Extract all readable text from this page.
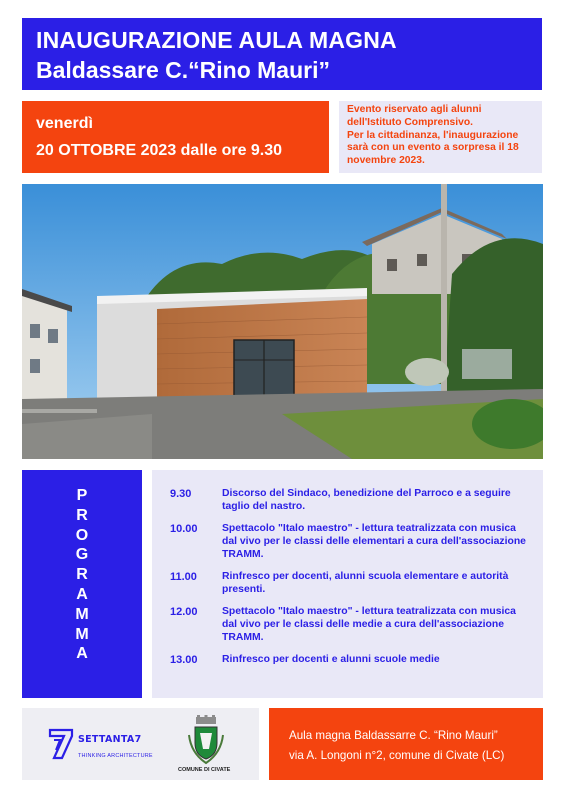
INAUGURAZIONE AULA MAGNA
Baldassare C.“Rino Mauri”
venerdì
20 OTTOBRE 2023 dalle ore 9.30

Evento riservato agli alunni dell'Istituto Comprensivo.

Per la cittadinanza, l'inaugurazione sarà con un evento a sorpresa il 18 novembre 2023.

P
R
O
G
R
A
M
M
A
9.30	Discorso del Sindaco, benedizione del Parroco e a seguire taglio del nastro.
10.00	Spettacolo "Italo maestro" - lettura teatralizzata con musica dal vivo per le classi delle elementari a cura dell'associazione TRAMM.
11.00	Rinfresco per docenti, alunni scuola elementare e autorità presenti.
12.00	Spettacolo "Italo maestro" - lettura teatralizzata con musica dal vivo per le classi delle medie a cura dell'associazione TRAMM.
13.00	Rinfresco per docenti e alunni scuole medie
SETTANTA7
THINKING ARCHITECTURE
COMUNE DI CIVATE
Aula magna Baldassarre C. “Rino Mauri”
via A. Longoni n°2, comune di Civate (LC)
